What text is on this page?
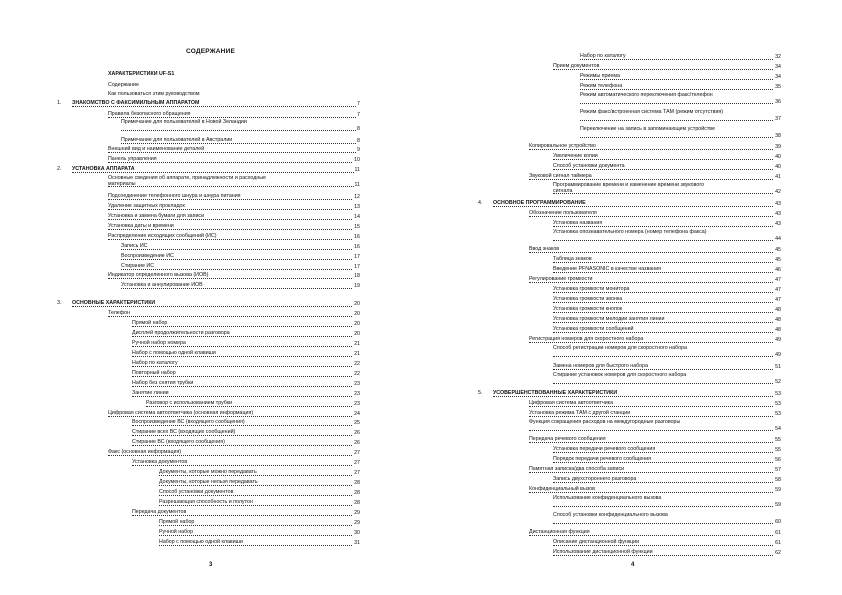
СОДЕРЖАНИЕ
ХАРАКТЕРИСТИКИ UF-S1
Содержание
Как пользоваться этим руководством
1. ЗНАКОМСТВО С ФАКСИМИЛЬНЫМ АППАРАТОМ	7
Правила безопасного обращения	7
Примечание для пользователей в Новой Зеландии
8
Примечание для пользователей в Австралии	8
Внешний вид и наименование деталей	9
Панель управления	10
2. УСТАНОВКА АППАРАТА	11
Основные сведения об аппарате, принадлежности и расходные материалы	11
Подсоединение телефонного шнура и шнура питания	12
Удаление защитных прокладок	13
Установка и замена бумаги для записи	14
Установка даты и времени	15
Распределение исходящих сообщений (ИС)	16
Запись ИС	16
Воспроизведение ИС	17
Стирание ИС	17
Индикатор определенного вызова (ИОВ)	18
Установка и аннулирование ИОВ	19
3. ОСНОВНЫЕ ХАРАКТЕРИСТИКИ	20
Телефон	20
Прямой набор	20
Дисплей продолжительности разговора	20
Ручной набор номера	21
Набор с помощью одной клавиши	21
Набор по каталогу	22
Повторный набор	22
Набор без снятия трубки	23
Занятие линии	23
Разговор с использованием трубки	23
Цифровая система автоответчика (основная информация)	24
Воспроизведение ВС (входящего сообщения)	25
Стирание всех ВС (входящих сообщений)	26
Стирание ВС (входящего сообщения)	26
Факс (основная информация)	27
Установка документов	27
Документы, которые можно передавать	27
Документы, которые нельзя передавать	28
Способ установки документов	28
Разрешающая способность и полутон	28
Передача документов	29
Прямой набор	29
Ручной набор	30
Набор с помощью одной клавиши	31
3
Набор по каталогу	32
Прием документов	34
Режимы приема	34
Режим телефона	35
Режим автоматического переключения факс/телефон
36
Режим факс/встроенная система ТАМ (режим отсутствия)
37
Переключение на запись в запоминающем устройстве
38
Копировальное устройство	39
Увеличение копии	40
Способ установки документа	40
Звуковой сигнал таймера	41
Программирование времени и изменение времени звукового сигнала	42
4. ОСНОВНОЕ ПРОГРАММИРОВАНИЕ	43
Обозначение пользователя	43
Установка названия	43
Установка опознавательного номера (номер телефона факса)
44
Ввод знаков	45
Таблица знаков	45
Введение PFNASONIC в качестве названия	46
Регулирование громкости	47
Установка громкости монитора	47
Установка громкости звонка	47
Установка громкости кнопок	48
Установка громкости мелодии занятия линии	48
Установка громкости сообщений	48
Регистрация номеров для скоростного набора	49
Способ регистрации номеров для скоростного набора
49
Замена номеров для быстрого набора	51
Стирание установок номеров для скоростного набора
52
5. УСОВЕРШЕНСТВОВАННЫЕ ХАРАКТЕРИСТИКИ	53
Цифровая система автоответчика	53
Установка режима ТАМ с другой станции	53
Функция сокращения расходов на междугородные разговоры
54
Передача речевого сообщения	55
Установка передачи речевого сообщения	55
Порядок передачи речевого сообщения	56
Памятная записка/два способа записи	57
Запись двухстороннего разговора	58
Конфиденциальный вызов	59
Использование конфиденциального вызова
59
Способ установки конфиденциального вызова
60
Дистанционная функция	61
Описание дистанционной функции	61
Использование дистанционной функции	62
4
